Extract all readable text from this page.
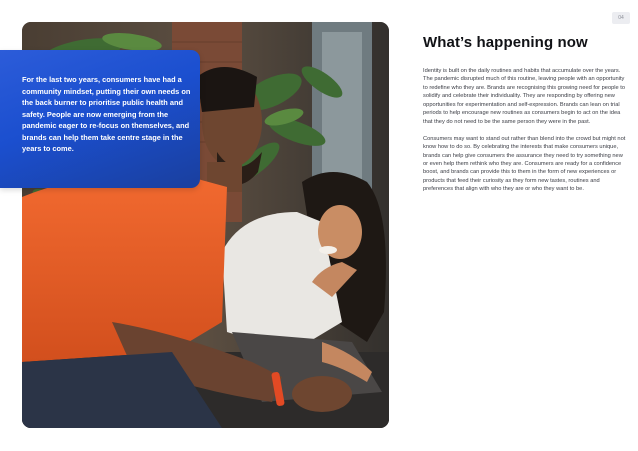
04

For the last two years, consumers have had a community mindset, putting their own needs on the back burner to prioritise public health and safety. People are now emerging from the pandemic eager to re-focus on themselves, and brands can help them take centre stage in the years to come.

What’s happening now

Identity is built on the daily routines and habits that accumulate over the years. The pandemic disrupted much of this routine, leaving people with an opportunity to redefine who they are. Brands are recognising this growing need for people to solidify and celebrate their individuality. They are responding by offering new opportunities for experimentation and self-expression. Brands can lean on trial periods to help encourage new routines as consumers begin to act on the idea that they do not need to be the same person they were in the past.

Consumers may want to stand out rather than blend into the crowd but might not know how to do so. By celebrating the interests that make consumers unique, brands can help give consumers the assurance they need to try something new or even help them rethink who they are. Consumers are ready for a confidence boost, and brands can provide this to them in the form of new experiences or products that feed their curiosity as they form new tastes, routines and preferences that align with who they are or who they want to be.
